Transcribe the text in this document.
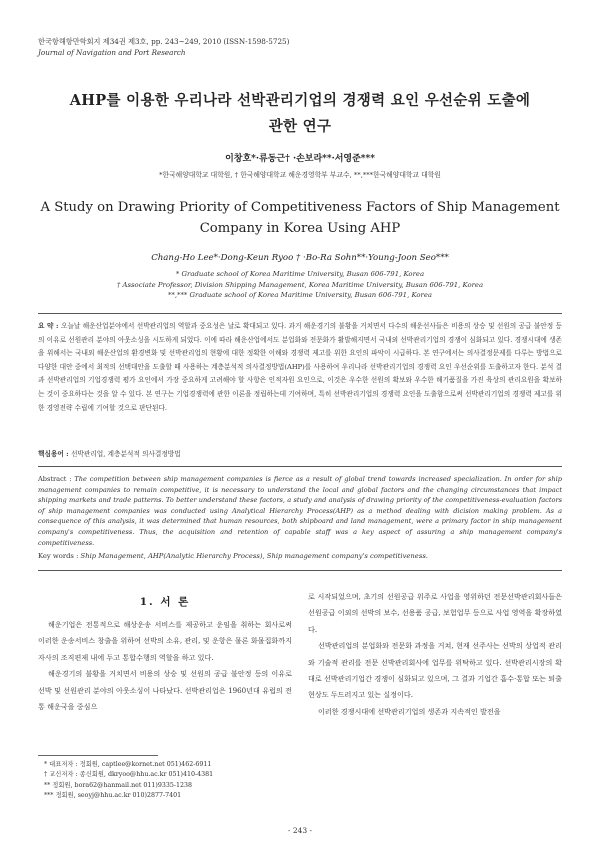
한국항해항만학회지 제34권 제3호, pp. 243~249, 2010 (ISSN-1598-5725)
Journal of Navigation and Port Research
AHP를 이용한 우리나라 선박관리기업의 경쟁력 요인 우선순위 도출에
관한 연구
이창호*·류동근† ·손보라**·서영준***
*한국해양대학교 대학원, † 한국해양대학교 해운경영학부 부교수, **,***한국해양대학교 대학원
A Study on Drawing Priority of Competitiveness Factors of Ship Management
Company in Korea Using AHP
Chang-Ho Lee*·Dong-Keun Ryoo † ·Bo-Ra Sohn**·Young-Joon Seo***
* Graduate school of Korea Maritime University, Busan 606-791, Korea
† Associate Professor, Division Shipping Management, Korea Maritime University, Busan 606-791, Korea
**,*** Graduate school of Korea Maritime University, Busan 606-791, Korea
요 약 : 오늘날 해운산업분야에서 선박관리업의 역할과 중요성은 날로 확대되고 있다. 과거 해운경기의 불황을 거치면서 다수의 해운선사들은 비용의 상승 및 선원의 공급 불안정 등의 이유로 선원관리 분야의 아웃소싱을 시도하게 되었다. 이에 따라 해운산업에서도 분업화와 전문화가 활발해지면서 국내외 선박관리기업의 경쟁이 심화되고 있다. 경쟁시대에 생존을 위해서는 국내외 해운산업의 환경변화 및 선박관리업의 현황에 대한 정확한 이해와 경쟁력 제고를 위한 요인의 파악이 시급하다. 본 연구에서는 의사결정문제를 다루는 방법으로 다양한 대안 중에서 최적의 선택대안을 도출할 때 사용하는 계층분석적 의사결정방법(AHP)를 사용하여 우리나라 선박관리기업의 경쟁력 요인 우선순위를 도출하고자 한다. 분석 결과 선박관리업의 기업경쟁력 평가 요인에서 가장 중요하게 고려해야 할 사항은 인적자원 요인으로, 이것은 우수한 선원의 확보와 우수한 해기품질을 가진 육상의 관리요원을 확보하는 것이 중요하다는 것을 알 수 있다. 본 연구는 기업경쟁력에 관한 이론을 정립하는데 기여하며, 특히 선박관리기업의 경쟁력 요인을 도출함으로써 선박관리기업의 경쟁력 제고를 위한 경영전략 수립에 기여할 것으로 판단된다.
핵심용어 : 선박관리업, 계층분석적 의사결정방법
Abstract : The competition between ship management companies is fierce as a result of global trend towards increased specialization. In order for ship management companies to remain competitive, it is necessary to understand the local and global factors and the changing circumstances that impact shipping markets and trade patterns. To better understand these factors, a study and analysis of drawing priority of the competitiveness-evaluation factors of ship management companies was conducted using Analytical Hierarchy Process(AHP) as a method dealing with dicision making problem. As a consequence of this analysis, it was determined that human resources, both shipboard and land management, were a primary factor in ship management company's competitiveness. Thus, the acquisition and retention of capable staff was a key aspect of assuring a ship management company's competitiveness.
Key words : Ship Management, AHP(Analytic Hierarchy Process), Ship management company's competitiveness.
1. 서 론

해운기업은 전통적으로 해상운송 서비스를 제공하고 운임을 취하는 회사로써 이러한 운송서비스 창출을 위하여 선박의 소유, 관리, 및 운항은 물론 화물집화까지 자사의 조직편제 내에 두고 통합수행의 역할을 하고 있다.

해운경기의 불황을 거치면서 비용의 상승 및 선원의 공급 불안정 등의 이유로 선박 및 선원관리 분야의 아웃소싱이 나타났다. 선박관리업은 1960년대 유럽의 전통 해운국을 중심으

로 시작되었으며, 초기의 선원공급 위주로 사업을 영위하던 전문선박관리회사들은 선원공급 이외의 선박의 보수, 선용품 공급, 보험업무 등으로 사업 영역을 확장하였다.

선박관리업의 분업화와 전문화 과정을 거쳐, 현재 선주사는 선박의 상업적 관리와 기술적 관리를 전문 선박관리회사에 업무를 위탁하고 있다. 선박관리시장의 확대로 선박관리기업간 경쟁이 심화되고 있으며, 그 결과 기업간 흡수·통합 또는 퇴출 현상도 두드러지고 있는 실정이다.

이러한 경쟁시대에 선박관리기업의 생존과 지속적인 발전을

* 대표저자 : 정회원, captlee@kornet.net 051)462-6911
† 교신저자 : 종신회원, dkryoo@hhu.ac.kr 051)410-4381
** 정회원, bora62@hanmail.net 011)9335-1238
*** 정회원, seoyj@hhu.ac.kr 010)2877-7401
- 243 -
